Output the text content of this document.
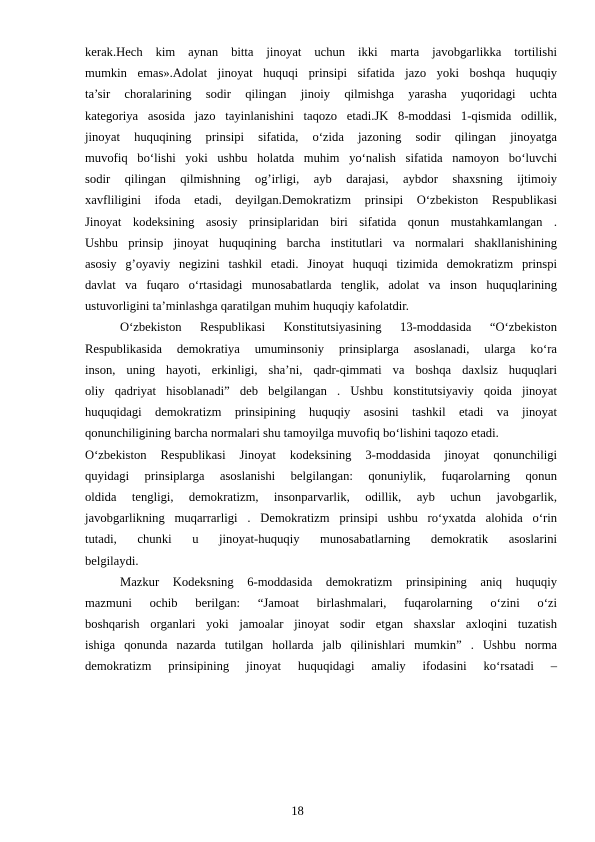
kerak.Hech kim aynan bitta jinoyat uchun ikki marta javobgarlikka tortilishi
mumkin emas».Adolat jinoyat huquqi prinsipi sifatida jazo yoki boshqa huquqiy
ta’sir choralarining sodir qilingan jinoiy qilmishga yarasha yuqoridagi uchta
kategoriya asosida jazo tayinlanishini taqozo etadi.JK 8-moddasi 1-qismida odillik,
jinoyat huquqining prinsipi sifatida, o‘zida jazoning sodir qilingan jinoyatga
muvofiq bo‘lishi yoki ushbu holatda muhim yo‘nalish sifatida namoyon bo‘luvchi
sodir qilingan qilmishning og’irligi, ayb darajasi, aybdor shaxsning ijtimoiy
xavfliligini ifoda etadi, deyilgan.Demokratizm prinsipi O‘zbekiston Respublikasi
Jinoyat kodeksining asosiy prinsiplaridan biri sifatida qonun mustahkamlangan .
Ushbu prinsip jinoyat huquqining barcha institutlari va normalari shakllanishining
asosiy g’oyaviy negizini tashkil etadi. Jinoyat huquqi tizimida demokratizm prinspi
davlat va fuqaro o‘rtasidagi munosabatlarda tenglik, adolat va inson huquqlarining
ustuvorligini ta’minlashga qaratilgan muhim huquqiy kafolatdir.
O‘zbekiston Respublikasi Konstitutsiyasining 13-moddasida “O‘zbekiston
Respublikasida demokratiya umuminsoniy prinsiplarga asoslanadi, ularga ko‘ra
inson, uning hayoti, erkinligi, sha’ni, qadr-qimmati va boshqa daxlsiz huquqlari
oliy qadriyat hisoblanadi” deb belgilangan . Ushbu konstitutsiyaviy qoida jinoyat
huquqidagi demokratizm prinsipining huquqiy asosini tashkil etadi va jinoyat
qonunchiligining barcha normalari shu tamoyilga muvofiq bo‘lishini taqozo etadi.
O‘zbekiston Respublikasi Jinoyat kodeksining 3-moddasida jinoyat qonunchiligi
quyidagi prinsiplarga asoslanishi belgilangan: qonuniylik, fuqarolarning qonun
oldida tengligi, demokratizm, insonparvarlik, odillik, ayb uchun javobgarlik,
javobgarlikning muqarrarligi . Demokratizm prinsipi ushbu ro‘yxatda alohida o‘rin
tutadi, chunki u jinoyat-huquqiy munosabatlarning demokratik asoslarini
belgilaydi.
Mazkur Kodeksning 6-moddasida demokratizm prinsipining aniq huquqiy
mazmuni ochib berilgan: “Jamoat birlashmalari, fuqarolarning o‘zini o‘zi
boshqarish organlari yoki jamoalar jinoyat sodir etgan shaxslar axloqini tuzatish
ishiga qonunda nazarda tutilgan hollarda jalb qilinishlari mumkin” . Ushbu norma
demokratizm prinsipining jinoyat huquqidagi amaliy ifodasini ko‘rsatadi –
18
